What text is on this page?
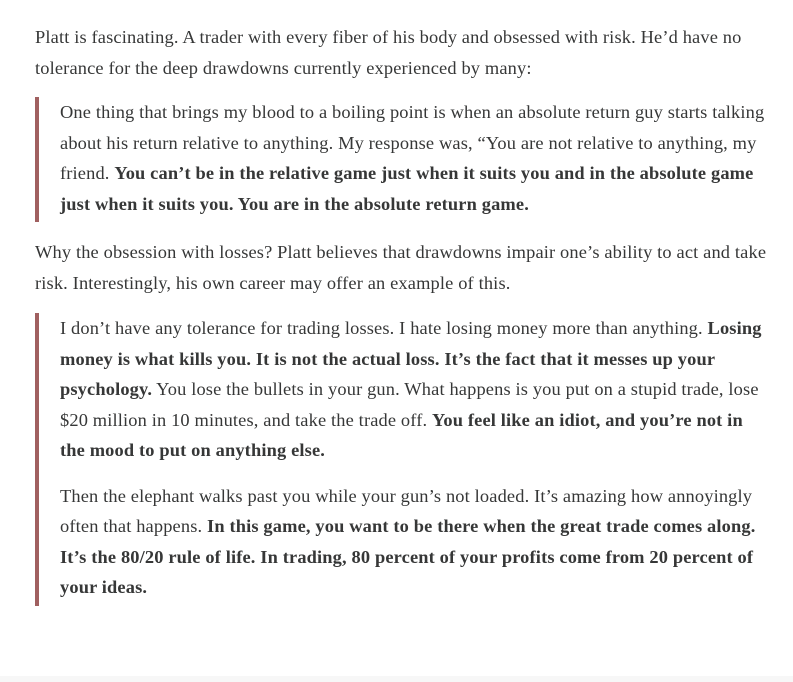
Platt is fascinating. A trader with every fiber of his body and obsessed with risk. He’d have no tolerance for the deep drawdowns currently experienced by many:

One thing that brings my blood to a boiling point is when an absolute return guy starts talking about his return relative to anything. My response was, “You are not relative to anything, my friend. You can’t be in the relative game just when it suits you and in the absolute game just when it suits you. You are in the absolute return game.

Why the obsession with losses? Platt believes that drawdowns impair one’s ability to act and take risk. Interestingly, his own career may offer an example of this.

I don’t have any tolerance for trading losses. I hate losing money more than anything. Losing money is what kills you. It is not the actual loss. It’s the fact that it messes up your psychology. You lose the bullets in your gun. What happens is you put on a stupid trade, lose $20 million in 10 minutes, and take the trade off. You feel like an idiot, and you’re not in the mood to put on anything else.

Then the elephant walks past you while your gun’s not loaded. It’s amazing how annoyingly often that happens. In this game, you want to be there when the great trade comes along. It’s the 80/20 rule of life. In trading, 80 percent of your profits come from 20 percent of your ideas.
